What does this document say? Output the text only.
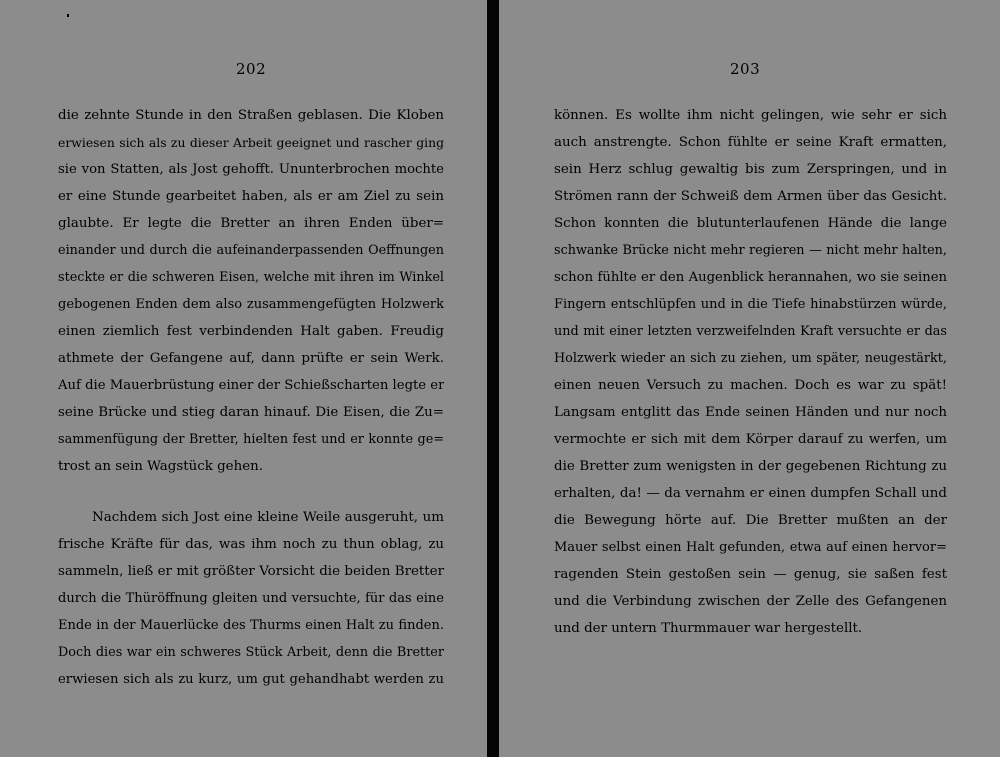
202
die zehnte Stunde in den Straßen geblasen. Die Kloben
erwiesen sich als zu dieser Arbeit geeignet und rascher ging
sie von Statten, als Jost gehofft. Ununterbrochen mochte
er eine Stunde gearbeitet haben, als er am Ziel zu sein
glaubte. Er legte die Bretter an ihren Enden über=
einander und durch die aufeinanderpassenden Oeffnungen
steckte er die schweren Eisen, welche mit ihren im Winkel
gebogenen Enden dem also zusammengefügten Holzwerk
einen ziemlich fest verbindenden Halt gaben. Freudig
athmete der Gefangene auf, dann prüfte er sein Werk.
Auf die Mauerbrüstung einer der Schießscharten legte er
seine Brücke und stieg daran hinauf. Die Eisen, die Zu=
sammenfügung der Bretter, hielten fest und er konnte ge=
trost an sein Wagstück gehen.
Nachdem sich Jost eine kleine Weile ausgeruht, um
frische Kräfte für das, was ihm noch zu thun oblag, zu
sammeln, ließ er mit größter Vorsicht die beiden Bretter
durch die Thüröffnung gleiten und versuchte, für das eine
Ende in der Mauerlücke des Thurms einen Halt zu finden.
Doch dies war ein schweres Stück Arbeit, denn die Bretter
erwiesen sich als zu kurz, um gut gehandhabt werden zu
203
können. Es wollte ihm nicht gelingen, wie sehr er sich
auch anstrengte. Schon fühlte er seine Kraft ermatten,
sein Herz schlug gewaltig bis zum Zerspringen, und in
Strömen rann der Schweiß dem Armen über das Gesicht.
Schon konnten die blutunterlaufenen Hände die lange
schwanke Brücke nicht mehr regieren — nicht mehr halten,
schon fühlte er den Augenblick herannahen, wo sie seinen
Fingern entschlüpfen und in die Tiefe hinabstürzen würde,
und mit einer letzten verzweifelnden Kraft versuchte er das
Holzwerk wieder an sich zu ziehen, um später, neugestärkt,
einen neuen Versuch zu machen. Doch es war zu spät!
Langsam entglitt das Ende seinen Händen und nur noch
vermochte er sich mit dem Körper darauf zu werfen, um
die Bretter zum wenigsten in der gegebenen Richtung zu
erhalten, da! — da vernahm er einen dumpfen Schall und
die Bewegung hörte auf. Die Bretter mußten an der
Mauer selbst einen Halt gefunden, etwa auf einen hervor=
ragenden Stein gestoßen sein — genug, sie saßen fest
und die Verbindung zwischen der Zelle des Gefangenen
und der untern Thurmmauer war hergestellt.
